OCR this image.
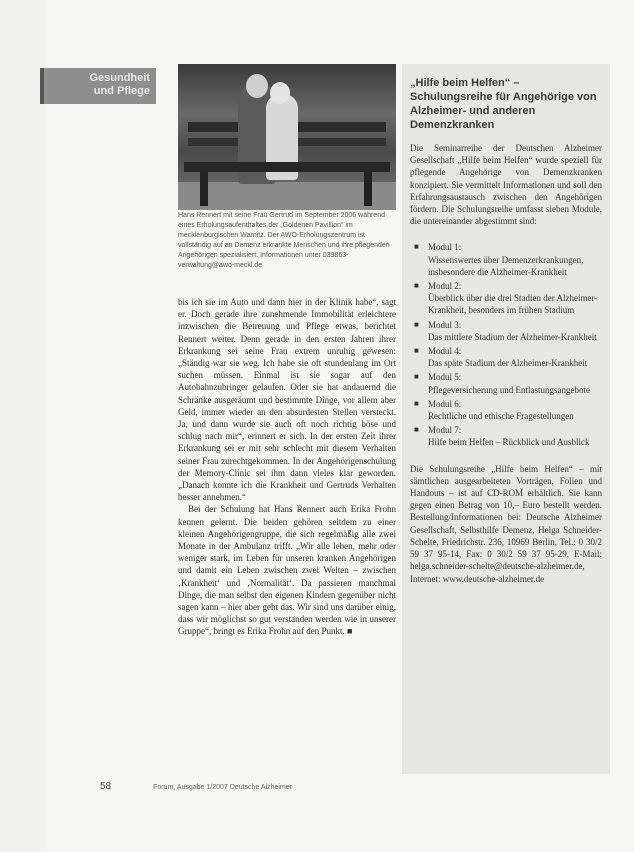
Gesundheit
und Pflege
Hans Rennert mit seine Frau Gertrud im September 2006 während eines Erholungsaufenthaltes der „Goldenen Pavillion“ im mecklenburgischen Warnitz. Der AWO-Erholungszentrum ist vollständig auf an Demenz erkrankte Menschen und ihre pflegenden Angehörigen spezialisiert. Informationen unter 039863-verwaltung@awo-meckl.de

bis ich sie im Auto und dann hier in der Klinik habe“, sagt er. Doch gerade ihre zunehmende Immobilität erleichtere inzwischen die Betreuung und Pflege etwas, berichtet Rennert weiter. Denn gerade in den ersten Jahren ihrer Erkrankung sei seine Frau extrem unruhig gewesen: „Ständig war sie weg. Ich habe sie oft stundenlang im Ort suchen müssen. Einmal ist sie sogar auf den Autobahnzubringer gelaufen. Oder sie hat andauernd die Schränke ausgeräumt und bestimmte Dinge, vor allem aber Geld, immer wieder an den absurdesten Stellen versteckt. Ja, und dann wurde sie auch oft noch richtig böse und schlug nach mir“, erinnert er sich. In der ersten Zeit ihrer Erkrankung sei er mit sehr schlecht mit diesem Verhalten seiner Frau zurechtgekommen. In der Angehörigenschulung der Memory-Clinic sei ihm dann vieles klar geworden. „Danach konnte ich die Krankheit und Gertruds Verhalten besser annehmen.“

Bei der Schulung hat Hans Rennert auch Erika Frohn kennen gelernt. Die beiden gehören seitdem zu einer kleinen Angehörigengruppe, die sich regelmäßig alle zwei Monate in der Ambulanz trifft. „Wir alle leben, mehr oder weniger stark, im Leben für unseren kranken Angehörigen und damit ein Leben zwischen zwei Welten – zwischen ‚Krankheit‘ und ‚Normalität‘. Da passieren manchmal Dinge, die man selbst den eigenen Kindern gegenüber nicht sagen kann – hier aber geht das. Wir sind uns darüber einig, dass wir möglichst so gut verstanden werden wie in unserer Gruppe“, bringt es Erika Frohn auf den Punkt. ■

„Hilfe beim Helfen“ – Schulungsreihe für Angehörige von Alzheimer- und anderen Demenzkranken

Die Seminarreihe der Deutschen Alzheimer Gesellschaft „Hilfe beim Helfen“ wurde speziell für pflegende Angehörige von Demenzkranken konzipiert. Sie vermittelt Informationen und soll den Erfahrungsaustausch zwischen den Angehörigen fördern. Die Schulungsreihe umfasst sieben Module, die untereinander abgestimmt sind:

■ Modul 1:
Wissenswertes über Demenzerkrankungen, insbesondere die Alzheimer-Krankheit
■ Modul 2:
Überblick über die drei Stadien der Alzheimer-Krankheit, besonders im frühen Stadium
■ Modul 3:
Das mittlere Stadium der Alzheimer-Krankheit
■ Modul 4:
Das späte Stadium der Alzheimer-Krankheit
■ Modul 5:
Pflegeversicherung und Entlastungsangebote
■ Modul 6:
Rechtliche und ethische Fragestellungen
■ Modul 7:
Hilfe beim Helfen – Rückblick und Ausblick

Die Schulungsreihe „Hilfe beim Helfen“ – mit sämtlichen ausgearbeiteten Vorträgen, Folien und Handouts – ist auf CD-ROM erhältlich. Sie kann gegen einen Betrag von 10,– Euro bestellt werden. Bestellung/Informationen bei: Deutsche Alzheimer Gesellschaft, Selbsthilfe Demenz, Helga Schneider-Schelte, Friedrichstr. 236, 10969 Berlin, Tel.: 0 30/2 59 37 95-14, Fax: 0 30/2 59 37 95-29, E-Mail: helga.schneider-schelte@deutsche-alzheimer.de, Internet: www.deutsche-alzheimer.de

58	Forum, Ausgabe 1/2007 Deutsche Alzheimer
